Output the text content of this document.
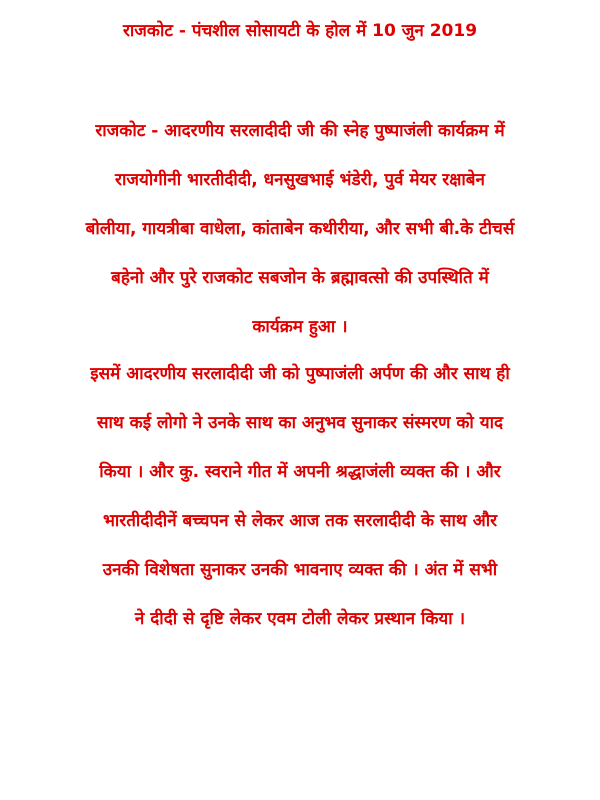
राजकोट - पंचशील सोसायटी के होल में 10 जुन 2019
राजकोट - आदरणीय सरलादीदी जी की स्नेह पुष्पाजंली कार्यक्रम में
राजयोगीनी भारतीदीदी, धनसुखभाई भंडेरी, पुर्व मेयर रक्षाबेन
बोलीया, गायत्रीबा वाधेला, कांताबेन कथीरीया, और सभी बी.के टीचर्स
बहेनो और पुरे राजकोट सबजोन के ब्रह्मावत्सो की उपस्थिति में
कार्यक्रम हुआ ।
इसमें आदरणीय सरलादीदी जी को पुष्पाजंली अर्पण की और साथ ही
साथ कई लोगो ने उनके साथ का अनुभव सुनाकर संस्मरण को याद
किया । और कु. स्वराने गीत में अपनी श्रद्धाजंली व्यक्त की । और
भारतीदीदीनें बच्चपन से लेकर आज तक सरलादीदी के साथ और
उनकी विशेषता सुनाकर उनकी भावनाए व्यक्त की । अंत में सभी
ने दीदी से दृष्टि लेकर एवम टोली लेकर प्रस्थान किया ।
